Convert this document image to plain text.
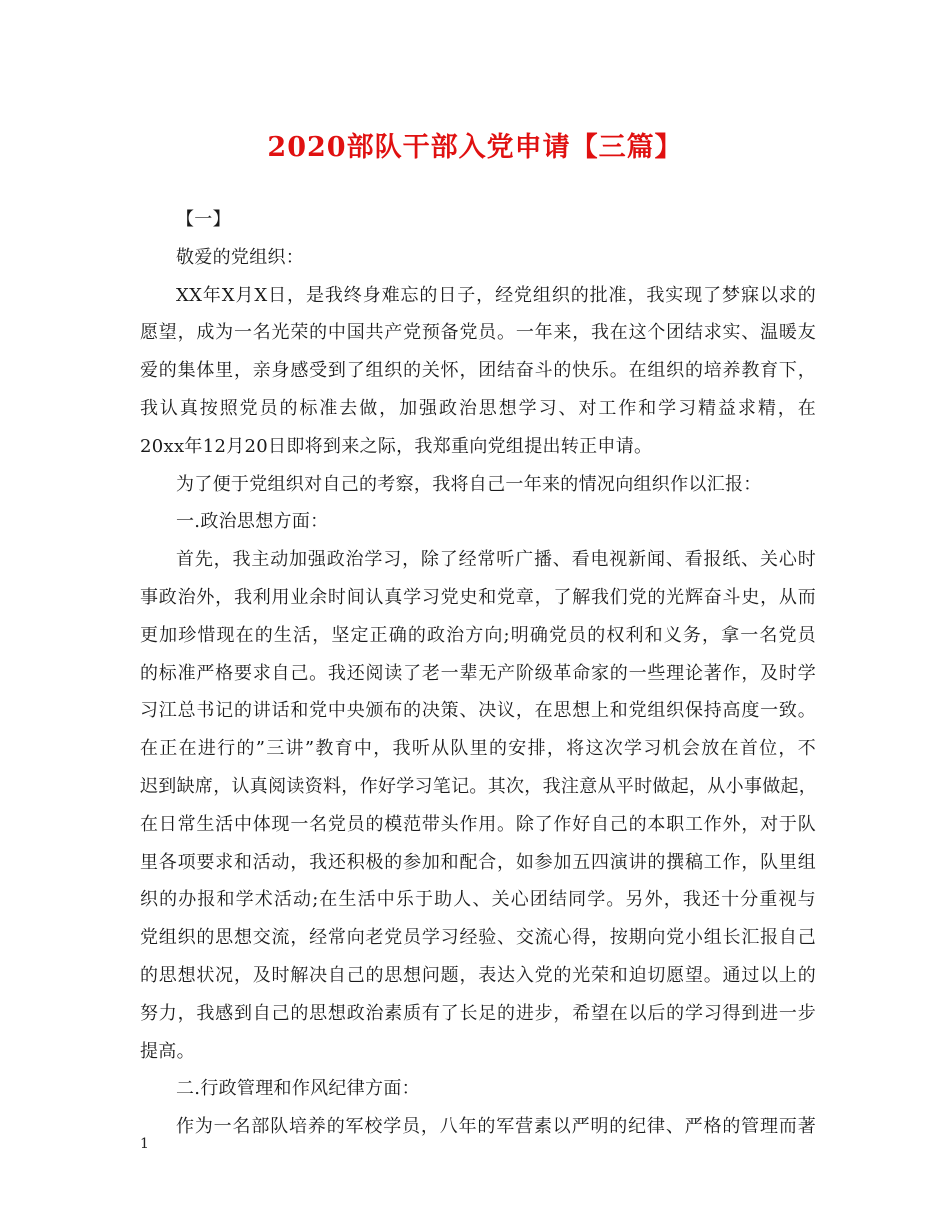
2020部队干部入党申请【三篇】
【一】
敬爱的党组织：
XX年X月X日，是我终身难忘的日子，经党组织的批准，我实现了梦寐以求的
愿望，成为一名光荣的中国共产党预备党员。一年来，我在这个团结求实、温暖友
爱的集体里，亲身感受到了组织的关怀，团结奋斗的快乐。在组织的培养教育下，
我认真按照党员的标准去做，加强政治思想学习、对工作和学习精益求精，在
20xx年12月20日即将到来之际，我郑重向党组提出转正申请。
为了便于党组织对自己的考察，我将自己一年来的情况向组织作以汇报：
一.政治思想方面：
首先，我主动加强政治学习，除了经常听广播、看电视新闻、看报纸、关心时
事政治外，我利用业余时间认真学习党史和党章，了解我们党的光辉奋斗史，从而
更加珍惜现在的生活，坚定正确的政治方向;明确党员的权利和义务，拿一名党员
的标准严格要求自己。我还阅读了老一辈无产阶级革命家的一些理论著作，及时学
习江总书记的讲话和党中央颁布的决策、决议，在思想上和党组织保持高度一致。
在正在进行的”三讲”教育中，我听从队里的安排，将这次学习机会放在首位，不
迟到缺席，认真阅读资料，作好学习笔记。其次，我注意从平时做起，从小事做起，
在日常生活中体现一名党员的模范带头作用。除了作好自己的本职工作外，对于队
里各项要求和活动，我还积极的参加和配合，如参加五四演讲的撰稿工作，队里组
织的办报和学术活动;在生活中乐于助人、关心团结同学。另外，我还十分重视与
党组织的思想交流，经常向老党员学习经验、交流心得，按期向党小组长汇报自己
的思想状况，及时解决自己的思想问题，表达入党的光荣和迫切愿望。通过以上的
努力，我感到自己的思想政治素质有了长足的进步，希望在以后的学习得到进一步
提高。
二.行政管理和作风纪律方面：
作为一名部队培养的军校学员，八年的军营素以严明的纪律、严格的管理而著
1
